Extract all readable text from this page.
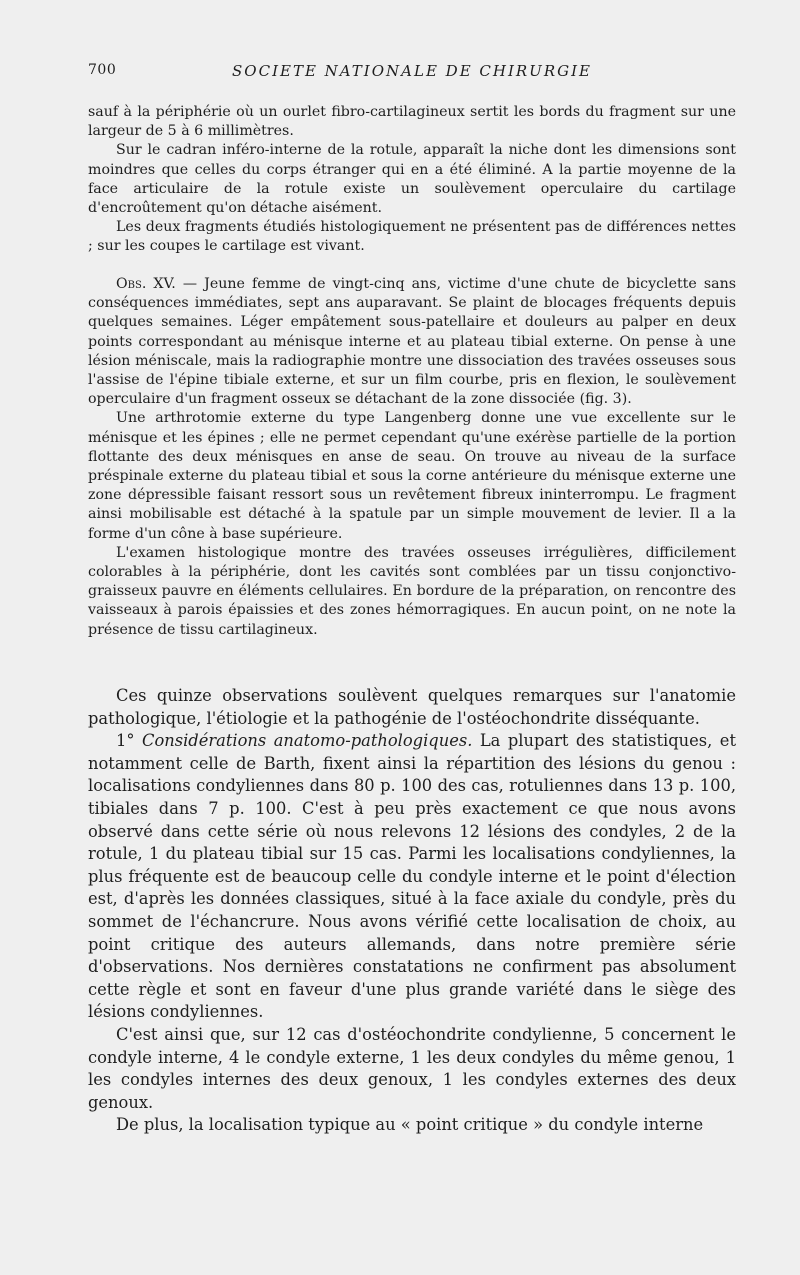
700	SOCIETE NATIONALE DE CHIRURGIE

sauf à la périphérie où un ourlet fibro-cartilagineux sertit les bords du fragment sur une largeur de 5 à 6 millimètres.

Sur le cadran inféro-interne de la rotule, apparaît la niche dont les dimensions sont moindres que celles du corps étranger qui en a été éliminé. A la partie moyenne de la face articulaire de la rotule existe un soulèvement operculaire du cartilage d'encroûtement qu'on détache aisément.

Les deux fragments étudiés histologiquement ne présentent pas de différences nettes ; sur les coupes le cartilage est vivant.

Obs. XV. — Jeune femme de vingt-cinq ans, victime d'une chute de bicyclette sans conséquences immédiates, sept ans auparavant. Se plaint de blocages fréquents depuis quelques semaines. Léger empâtement sous-patellaire et douleurs au palper en deux points correspondant au ménisque interne et au plateau tibial externe. On pense à une lésion méniscale, mais la radiographie montre une dissociation des travées osseuses sous l'assise de l'épine tibiale externe, et sur un film courbe, pris en flexion, le soulèvement operculaire d'un fragment osseux se détachant de la zone dissociée (fig. 3).

Une arthrotomie externe du type Langenberg donne une vue excellente sur le ménisque et les épines ; elle ne permet cependant qu'une exérèse partielle de la portion flottante des deux ménisques en anse de seau. On trouve au niveau de la surface préspinale externe du plateau tibial et sous la corne antérieure du ménisque externe une zone dépressible faisant ressort sous un revêtement fibreux ininterrompu. Le fragment ainsi mobilisable est détaché à la spatule par un simple mouvement de levier. Il a la forme d'un cône à base supérieure.

L'examen histologique montre des travées osseuses irrégulières, difficilement colorables à la périphérie, dont les cavités sont comblées par un tissu conjonctivo-graisseux pauvre en éléments cellulaires. En bordure de la préparation, on rencontre des vaisseaux à parois épaissies et des zones hémorragiques. En aucun point, on ne note la présence de tissu cartilagineux.

Ces quinze observations soulèvent quelques remarques sur l'anatomie pathologique, l'étiologie et la pathogénie de l'ostéochondrite disséquante.

1° Considérations anatomo-pathologiques. La plupart des statistiques, et notamment celle de Barth, fixent ainsi la répartition des lésions du genou : localisations condyliennes dans 80 p. 100 des cas, rotuliennes dans 13 p. 100, tibiales dans 7 p. 100. C'est à peu près exactement ce que nous avons observé dans cette série où nous relevons 12 lésions des condyles, 2 de la rotule, 1 du plateau tibial sur 15 cas. Parmi les localisations condyliennes, la plus fréquente est de beaucoup celle du condyle interne et le point d'élection est, d'après les données classiques, situé à la face axiale du condyle, près du sommet de l'échancrure. Nous avons vérifié cette localisation de choix, au point critique des auteurs allemands, dans notre première série d'observations. Nos dernières constatations ne confirment pas absolument cette règle et sont en faveur d'une plus grande variété dans le siège des lésions condyliennes.

C'est ainsi que, sur 12 cas d'ostéochondrite condylienne, 5 concernent le condyle interne, 4 le condyle externe, 1 les deux condyles du même genou, 1 les condyles internes des deux genoux, 1 les condyles externes des deux genoux.

De plus, la localisation typique au « point critique » du condyle interne
